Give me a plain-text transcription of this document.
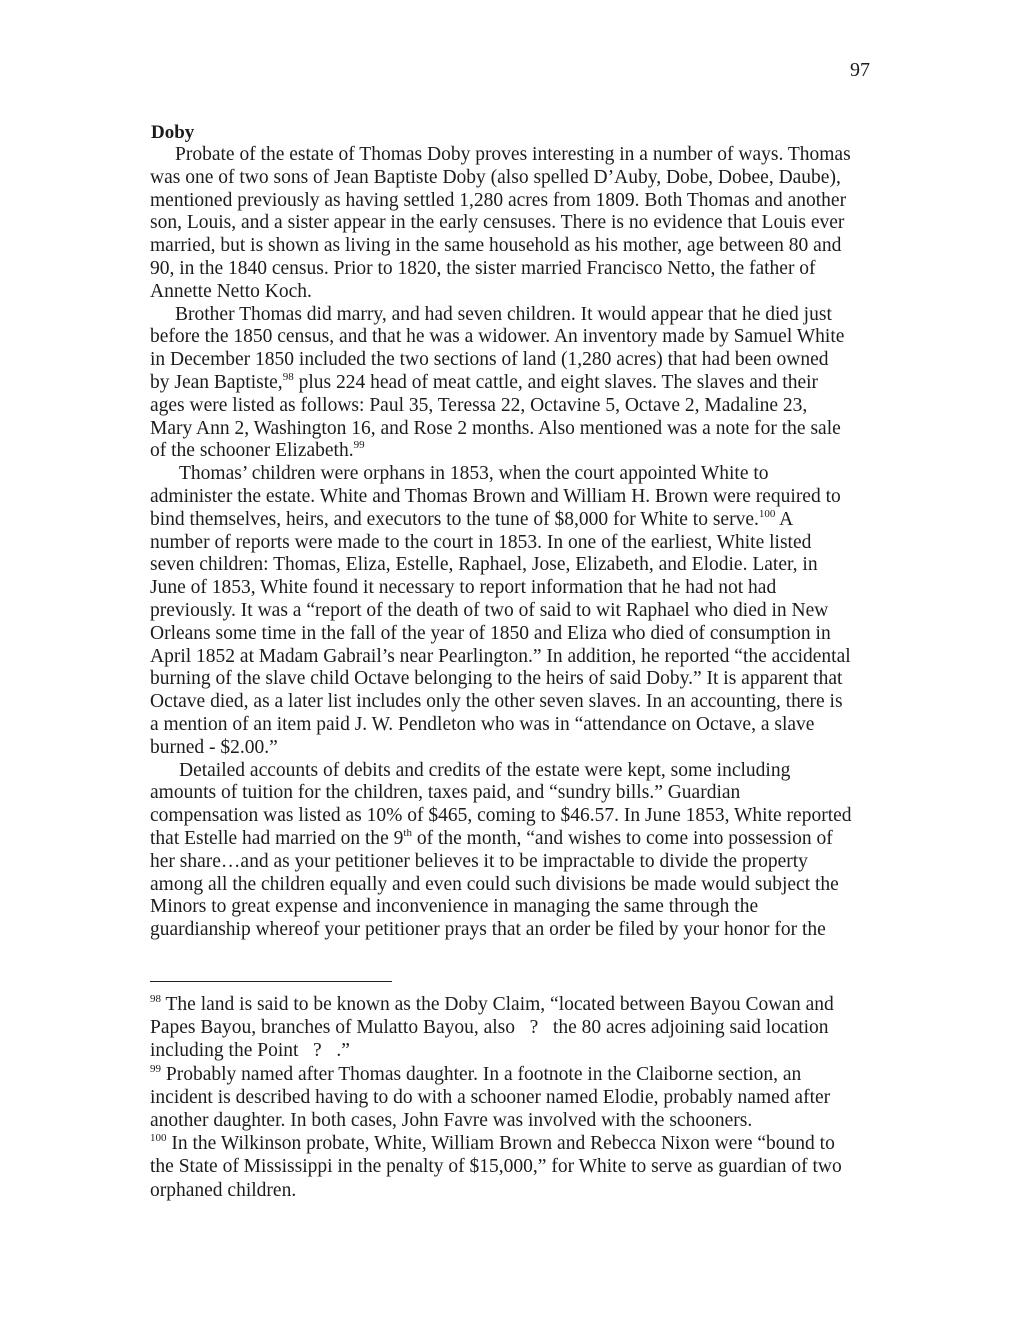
97
Doby

Probate of the estate of Thomas Doby proves interesting in a number of ways. Thomas
was one of two sons of Jean Baptiste Doby (also spelled D’Auby, Dobe, Dobee, Daube),
mentioned previously as having settled 1,280 acres from 1809. Both Thomas and another
son, Louis, and a sister appear in the early censuses. There is no evidence that Louis ever
married, but is shown as living in the same household as his mother, age between 80 and
90, in the 1840 census. Prior to 1820, the sister married Francisco Netto, the father of
Annette Netto Koch.

Brother Thomas did marry, and had seven children. It would appear that he died just
before the 1850 census, and that he was a widower. An inventory made by Samuel White
in December 1850 included the two sections of land (1,280 acres) that had been owned
by Jean Baptiste,$^{98}$ plus 224 head of meat cattle, and eight slaves. The slaves and their
ages were listed as follows: Paul 35, Teressa 22, Octavine 5, Octave 2, Madaline 23,
Mary Ann 2, Washington 16, and Rose 2 months. Also mentioned was a note for the sale
of the schooner Elizabeth.$^{99}$

Thomas’ children were orphans in 1853, when the court appointed White to
administer the estate. White and Thomas Brown and William H. Brown were required to
bind themselves, heirs, and executors to the tune of $8,000 for White to serve.$^{100}$ A
number of reports were made to the court in 1853. In one of the earliest, White listed
seven children: Thomas, Eliza, Estelle, Raphael, Jose, Elizabeth, and Elodie. Later, in
June of 1853, White found it necessary to report information that he had not had
previously. It was a “report of the death of two of said to wit Raphael who died in New
Orleans some time in the fall of the year of 1850 and Eliza who died of consumption in
April 1852 at Madam Gabrail’s near Pearlington.” In addition, he reported “the accidental
burning of the slave child Octave belonging to the heirs of said Doby.” It is apparent that
Octave died, as a later list includes only the other seven slaves. In an accounting, there is
a mention of an item paid J. W. Pendleton who was in “attendance on Octave, a slave
burned - $2.00.”

Detailed accounts of debits and credits of the estate were kept, some including
amounts of tuition for the children, taxes paid, and “sundry bills.” Guardian
compensation was listed as 10% of $465, coming to $46.57. In June 1853, White reported
that Estelle had married on the 9th of the month, “and wishes to come into possession of
her share…and as your petitioner believes it to be impractable to divide the property
among all the children equally and even could such divisions be made would subject the
Minors to great expense and inconvenience in managing the same through the
guardianship whereof your petitioner prays that an order be filed by your honor for the

$^{98}$ The land is said to be known as the Doby Claim, “located between Bayou Cowan and
Papes Bayou, branches of Mulatto Bayou, also   ?   the 80 acres adjoining said location
including the Point   ?   .”

$^{99}$ Probably named after Thomas daughter. In a footnote in the Claiborne section, an
incident is described having to do with a schooner named Elodie, probably named after
another daughter. In both cases, John Favre was involved with the schooners.

$^{100}$ In the Wilkinson probate, White, William Brown and Rebecca Nixon were “bound to
the State of Mississippi in the penalty of $15,000,” for White to serve as guardian of two
orphaned children.
